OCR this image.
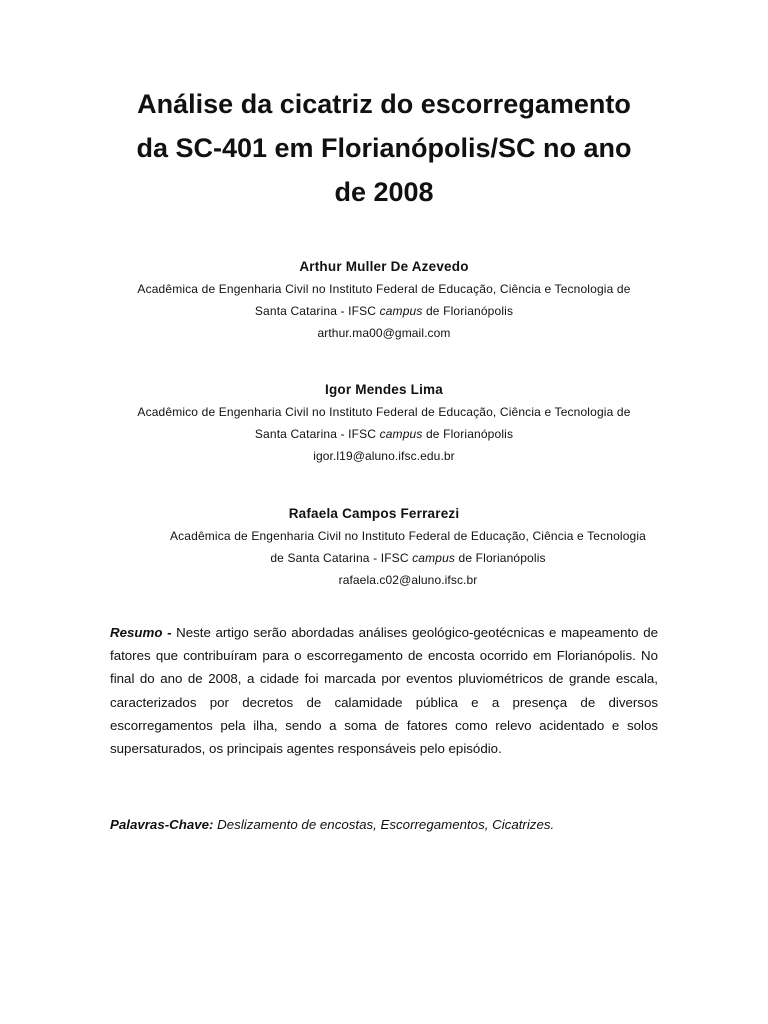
Análise da cicatriz do escorregamento
da SC-401 em Florianópolis/SC no ano
de 2008
Arthur Muller De Azevedo
Acadêmica de Engenharia Civil no Instituto Federal de Educação, Ciência e Tecnologia de
Santa Catarina - IFSC campus de Florianópolis
arthur.ma00@gmail.com
Igor Mendes Lima
Acadêmico de Engenharia Civil no Instituto Federal de Educação, Ciência e Tecnologia de
Santa Catarina - IFSC campus de Florianópolis
igor.l19@aluno.ifsc.edu.br
Rafaela Campos Ferrarezi
Acadêmica de Engenharia Civil no Instituto Federal de Educação, Ciência e Tecnologia
de Santa Catarina - IFSC campus de Florianópolis
rafaela.c02@aluno.ifsc.br

Resumo - Neste artigo serão abordadas análises geológico-geotécnicas e mapeamento de fatores que contribuíram para o escorregamento de encosta ocorrido em Florianópolis. No final do ano de 2008, a cidade foi marcada por eventos pluviométricos de grande escala, caracterizados por decretos de calamidade pública e a presença de diversos escorregamentos pela ilha, sendo a soma de fatores como relevo acidentado e solos supersaturados, os principais agentes responsáveis pelo episódio.

Palavras-Chave: Deslizamento de encostas, Escorregamentos, Cicatrizes.
